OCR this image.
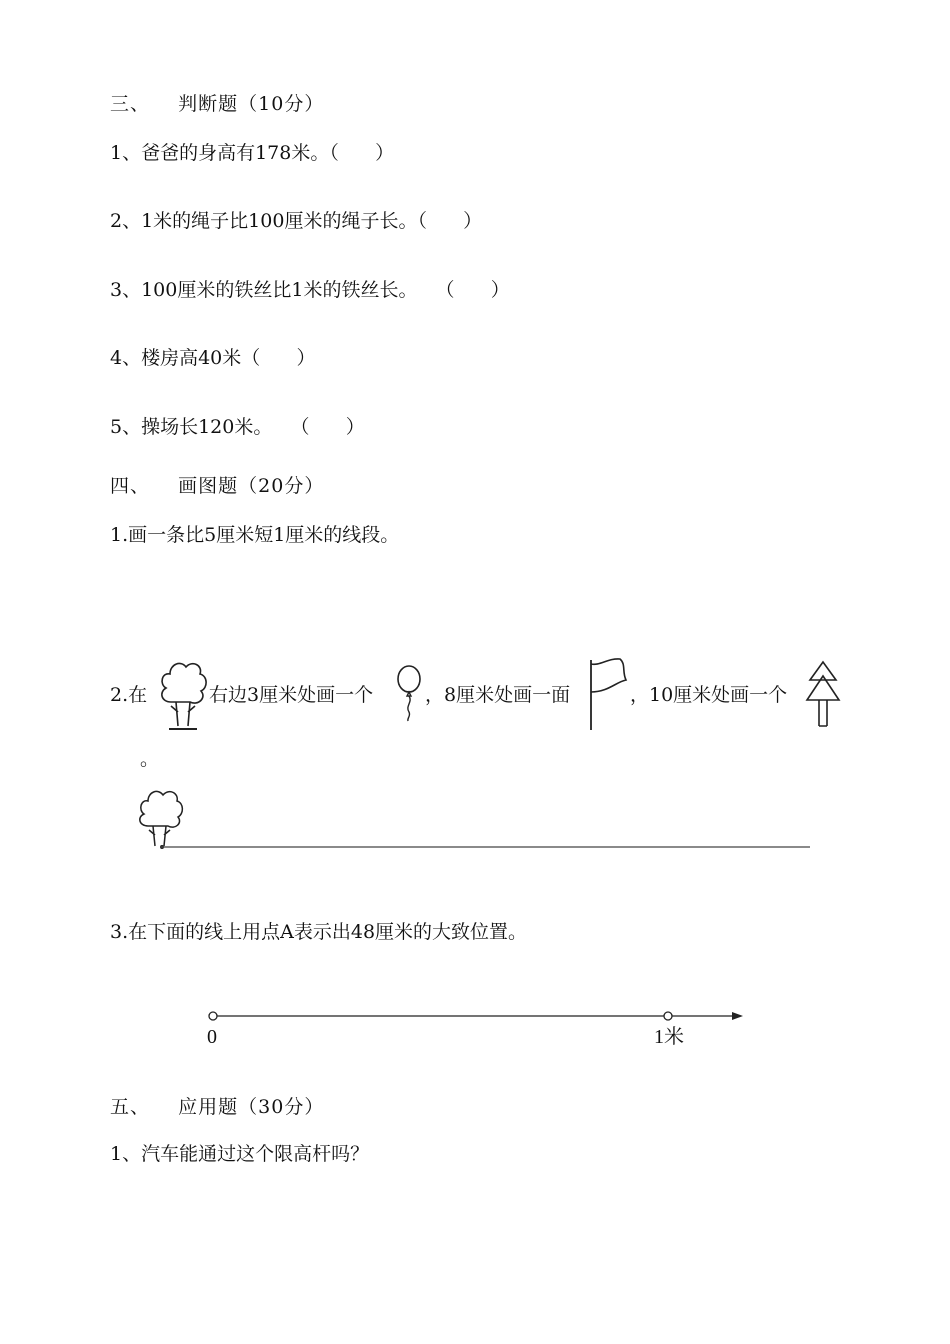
三、    判断题（10分）
1、爸爸的身高有178米。（      ）
2、1米的绳子比100厘米的绳子长。（      ）
3、100厘米的铁丝比1米的铁丝长。   （      ）
4、楼房高40米（      ）
5、操场长120米。   （      ）
四、    画图题（20分）
1.画一条比5厘米短1厘米的线段。
2.在	右边3厘米处画一个	，8厘米处画一面	，10厘米处画一个
。
3.在下面的线上用点A表示出48厘米的大致位置。
0	1米
五、    应用题（30分）
1、汽车能通过这个限高杆吗？
